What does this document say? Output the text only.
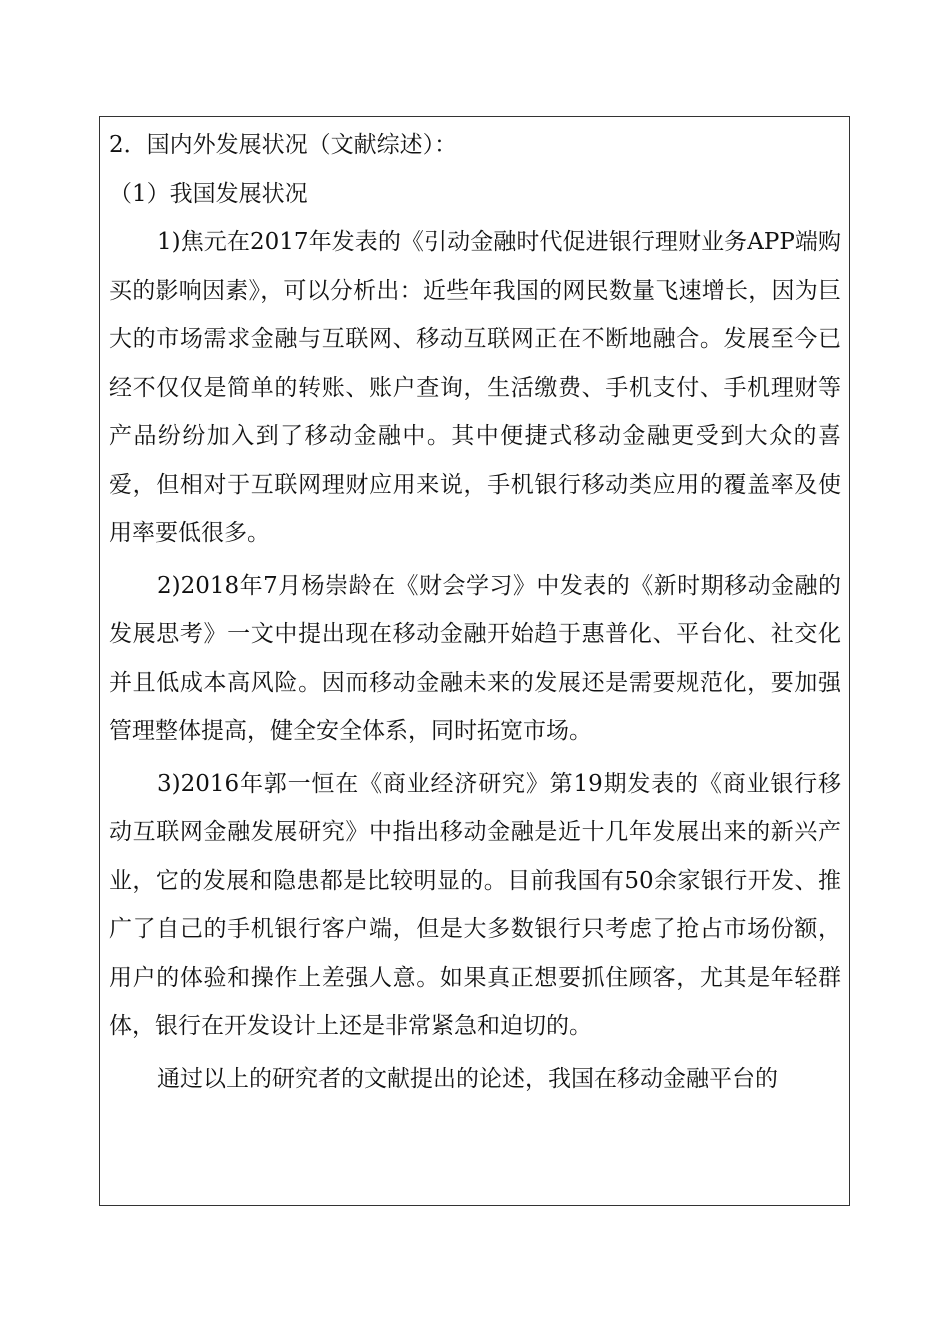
2．国内外发展状况（文献综述）：

（1）我国发展状况

1)焦元在2017年发表的《引动金融时代促进银行理财业务APP端购买的影响因素》，可以分析出：近些年我国的网民数量飞速增长，因为巨大的市场需求金融与互联网、移动互联网正在不断地融合。发展至今已经不仅仅是简单的转账、账户查询，生活缴费、手机支付、手机理财等产品纷纷加入到了移动金融中。其中便捷式移动金融更受到大众的喜爱，但相对于互联网理财应用来说，手机银行移动类应用的覆盖率及使用率要低很多。

2)2018年7月杨崇龄在《财会学习》中发表的《新时期移动金融的发展思考》一文中提出现在移动金融开始趋于惠普化、平台化、社交化并且低成本高风险。因而移动金融未来的发展还是需要规范化，要加强管理整体提高，健全安全体系，同时拓宽市场。

3)2016年郭一恒在《商业经济研究》第19期发表的《商业银行移动互联网金融发展研究》中指出移动金融是近十几年发展出来的新兴产业，它的发展和隐患都是比较明显的。目前我国有50余家银行开发、推广了自己的手机银行客户端，但是大多数银行只考虑了抢占市场份额，用户的体验和操作上差强人意。如果真正想要抓住顾客，尤其是年轻群体，银行在开发设计上还是非常紧急和迫切的。

通过以上的研究者的文献提出的论述，我国在移动金融平台的
